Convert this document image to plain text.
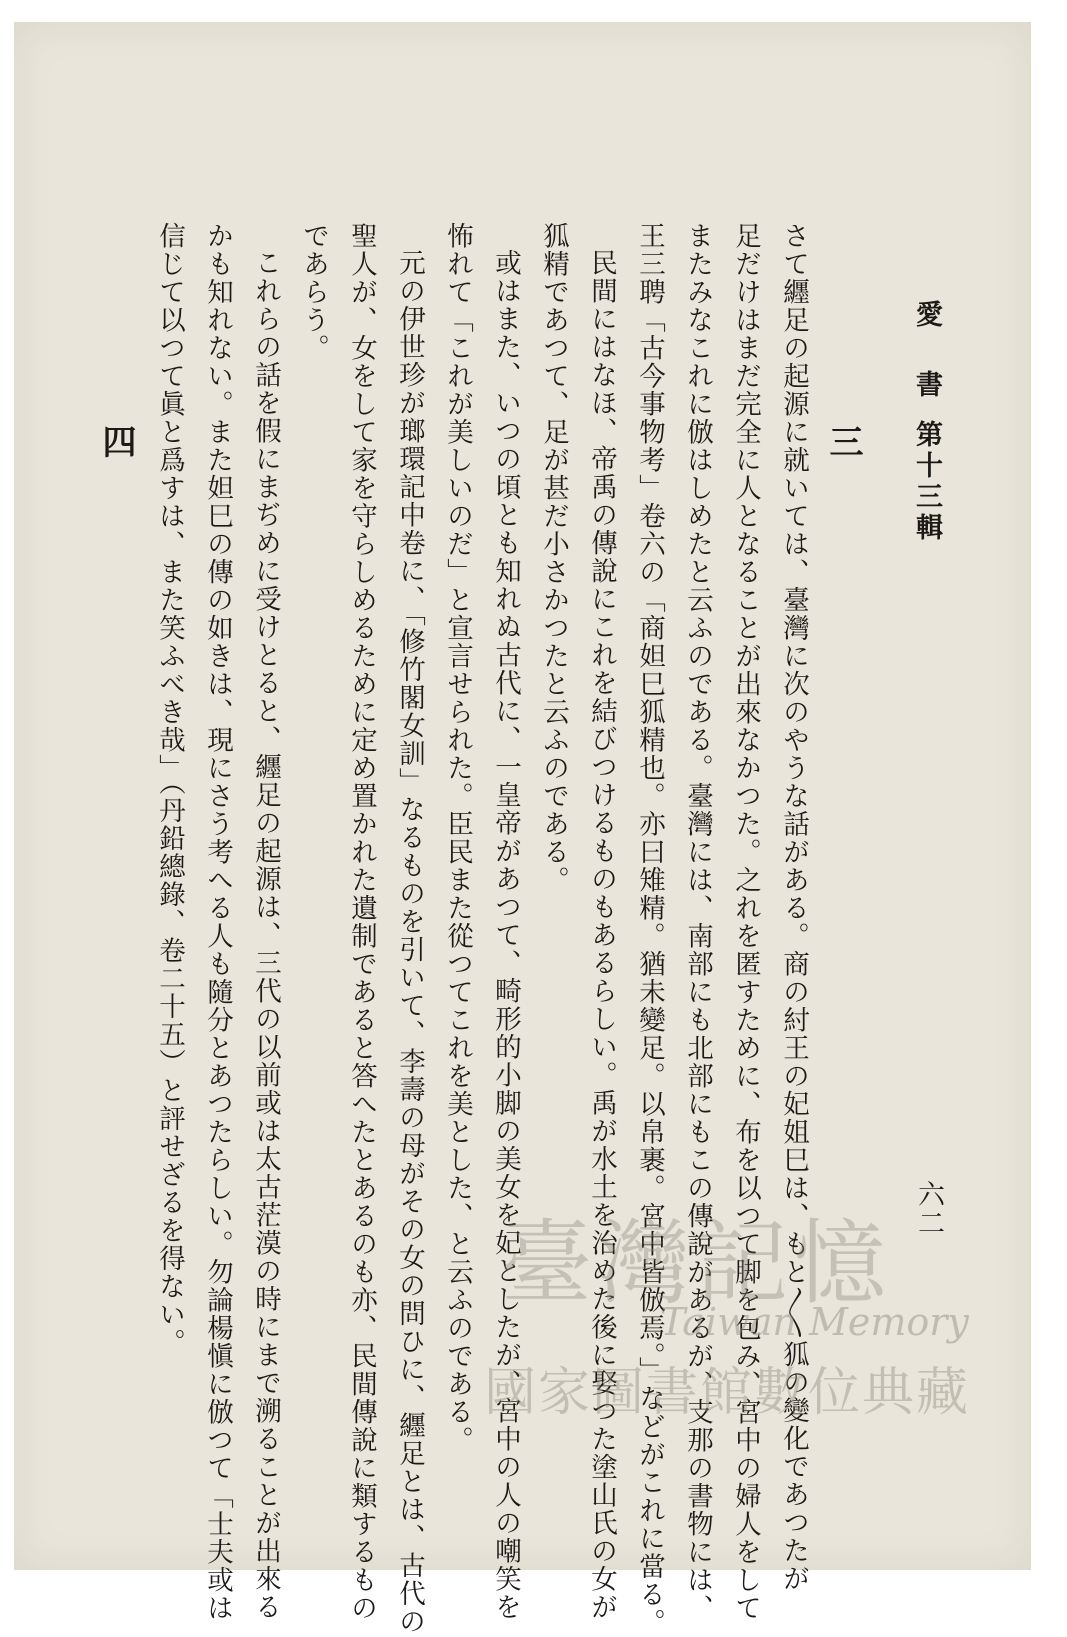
愛　書
第十三輯
六二
三
さて纒足の起源に就いては、臺灣に次のやうな話がある。商の紂王の妃姐巳は、もと〳〵狐の變化であつたが
足だけはまだ完全に人となることが出來なかつた。之れを匿すために、布を以つて脚を包み、宮中の婦人をして
またみなこれに倣はしめたと云ふのである。臺灣には、南部にも北部にもこの傳說があるが、支那の書物には、
王三聘「古今事物考」卷六の「商妲巳狐精也。亦曰雉精。猶未變足。以帛裹。宮中皆倣焉。」などがこれに當る。
民間にはなほ、帝禹の傳說にこれを結びつけるものもあるらしい。禹が水土を治めた後に娶つた塗山氏の女が
狐精であつて、足が甚だ小さかつたと云ふのである。
或はまた、いつの頃とも知れぬ古代に、一皇帝があつて、畸形的小脚の美女を妃としたが、宮中の人の嘲笑を
怖れて「これが美しいのだ」と宣言せられた。臣民また從つてこれを美とした、と云ふのである。
元の伊世珍が瑯環記中卷に、「修竹閣女訓」なるものを引いて、李壽の母がその女の問ひに、纒足とは、古代の
聖人が、女をして家を守らしめるために定め置かれた遺制であると答へたとあるのも亦、民間傳說に類するもの
であらう。
これらの話を假にまぢめに受けとると、纒足の起源は、三代の以前或は太古茫漠の時にまで溯ることが出來る
かも知れない。また妲巳の傳の如きは、現にさう考へる人も隨分とあつたらしい。勿論楊愼に倣つて「士夫或は
信じて以つて眞と爲すは、また笑ふべき哉」（丹鉛總錄、卷二十五）と評せざるを得ない。
四
臺灣記憶
Taiwan Memory
國家圖書館數位典藏
